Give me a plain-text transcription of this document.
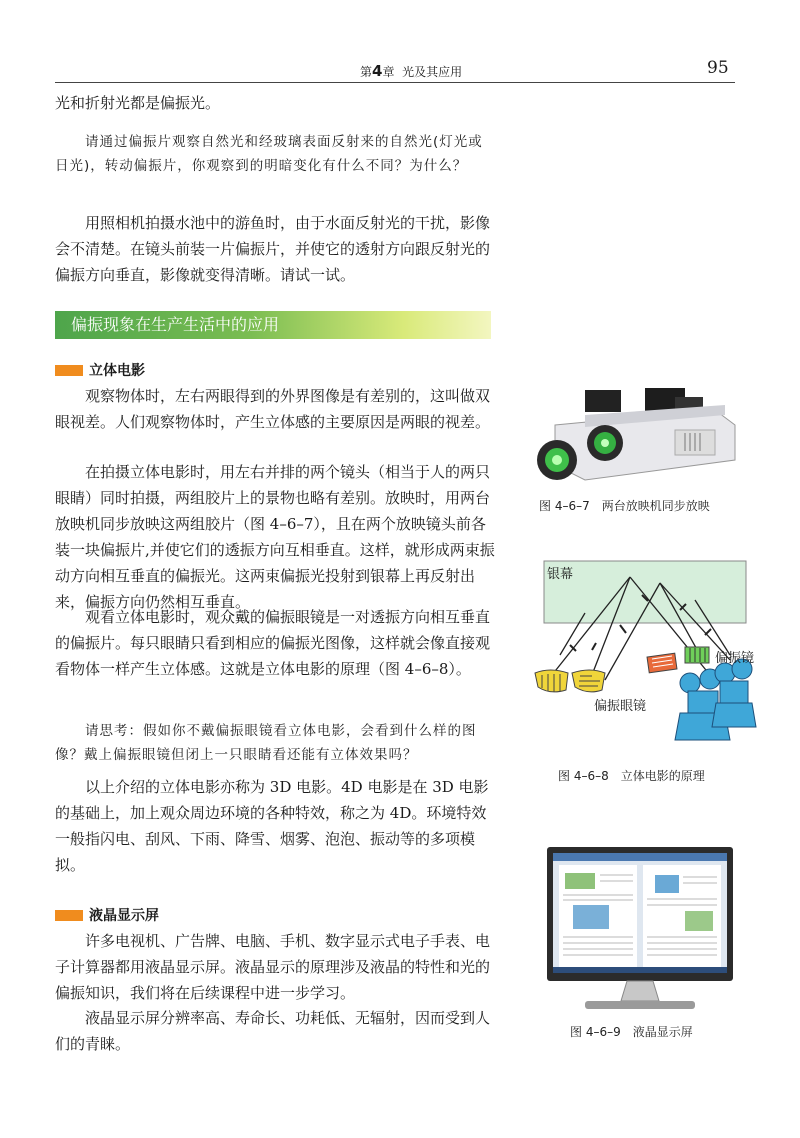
第4章 光及其应用	95

光和折射光都是偏振光。

请通过偏振片观察自然光和经玻璃表面反射来的自然光(灯光或日光)，转动偏振片，你观察到的明暗变化有什么不同？为什么？

用照相机拍摄水池中的游鱼时，由于水面反射光的干扰，影像会不清楚。在镜头前装一片偏振片，并使它的透射方向跟反射光的偏振方向垂直，影像就变得清晰。请试一试。

偏振现象在生产生活中的应用
立体电影

观察物体时，左右两眼得到的外界图像是有差别的，这叫做双眼视差。人们观察物体时，产生立体感的主要原因是两眼的视差。

在拍摄立体电影时，用左右并排的两个镜头（相当于人的两只眼睛）同时拍摄，两组胶片上的景物也略有差别。放映时，用两台放映机同步放映这两组胶片（图 4–6–7），且在两个放映镜头前各装一块偏振片,并使它们的透振方向互相垂直。这样，就形成两束振动方向相互垂直的偏振光。这两束偏振光投射到银幕上再反射出来，偏振方向仍然相互垂直。

观看立体电影时，观众戴的偏振眼镜是一对透振方向相互垂直的偏振片。每只眼睛只看到相应的偏振光图像，这样就会像直接观看物体一样产生立体感。这就是立体电影的原理（图 4–6–8）。

请思考：假如你不戴偏振眼镜看立体电影，会看到什么样的图像？戴上偏振眼镜但闭上一只眼睛看还能有立体效果吗？

以上介绍的立体电影亦称为 3D 电影。4D 电影是在 3D 电影的基础上，加上观众周边环境的各种特效，称之为 4D。环境特效一般指闪电、刮风、下雨、降雪、烟雾、泡泡、振动等的多项模拟。

液晶显示屏

许多电视机、广告牌、电脑、手机、数字显示式电子手表、电子计算器都用液晶显示屏。液晶显示的原理涉及液晶的特性和光的偏振知识，我们将在后续课程中进一步学习。

液晶显示屏分辨率高、寿命长、功耗低、无辐射，因而受到人们的青睐。

图 4–6–7　两台放映机同步放映
银幕
偏振镜
偏振眼镜
图 4–6–8　立体电影的原理
图 4–6–9　液晶显示屏
